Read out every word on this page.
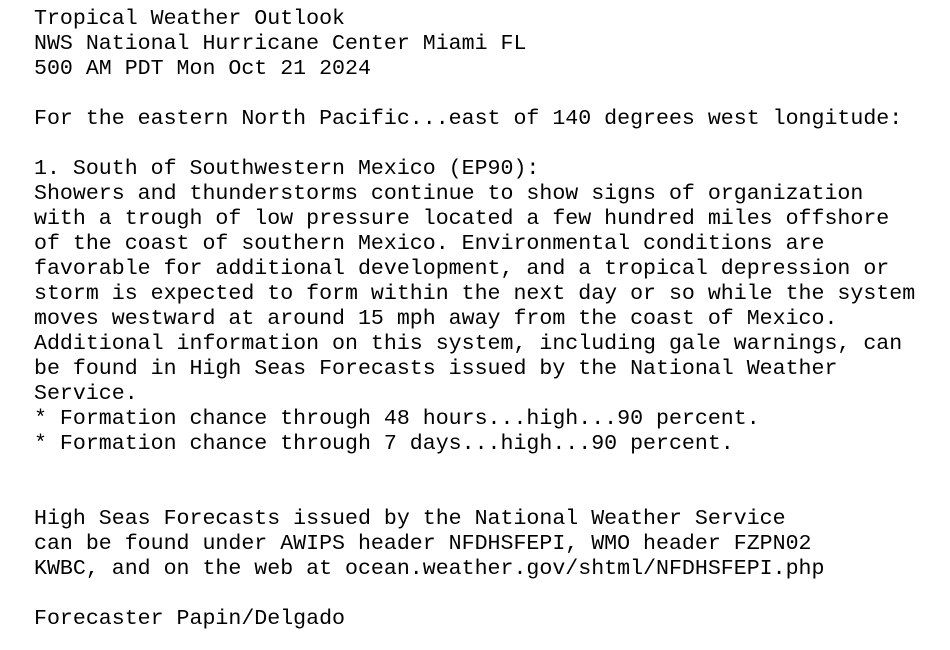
Tropical Weather Outlook
NWS National Hurricane Center Miami FL
500 AM PDT Mon Oct 21 2024

For the eastern North Pacific...east of 140 degrees west longitude:

1. South of Southwestern Mexico (EP90):
Showers and thunderstorms continue to show signs of organization
with a trough of low pressure located a few hundred miles offshore
of the coast of southern Mexico. Environmental conditions are
favorable for additional development, and a tropical depression or
storm is expected to form within the next day or so while the system
moves westward at around 15 mph away from the coast of Mexico.
Additional information on this system, including gale warnings, can
be found in High Seas Forecasts issued by the National Weather
Service.
* Formation chance through 48 hours...high...90 percent.
* Formation chance through 7 days...high...90 percent.

High Seas Forecasts issued by the National Weather Service
can be found under AWIPS header NFDHSFEPI, WMO header FZPN02
KWBC, and on the web at ocean.weather.gov/shtml/NFDHSFEPI.php

Forecaster Papin/Delgado
